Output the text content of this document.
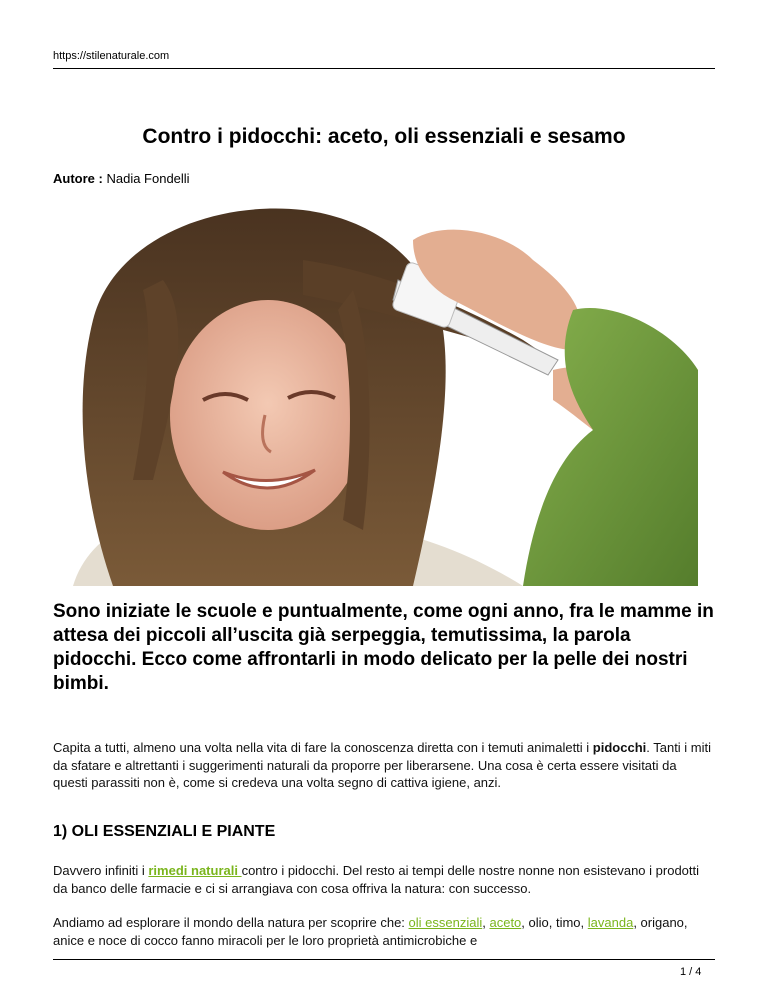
https://stilenaturale.com
Contro i pidocchi: aceto, oli essenziali e sesamo
Autore : Nadia Fondelli

Sono iniziate le scuole e puntualmente, come ogni anno, fra le mamme in attesa dei piccoli all’uscita già serpeggia, temutissima, la parola pidocchi. Ecco come affrontarli in modo delicato per la pelle dei nostri bimbi.

Capita a tutti, almeno una volta nella vita di fare la conoscenza diretta con i temuti animaletti i pidocchi. Tanti i miti da sfatare e altrettanti i suggerimenti naturali da proporre per liberarsene. Una cosa è certa essere visitati da questi parassiti non è, come si credeva una volta segno di cattiva igiene, anzi.

1) OLI ESSENZIALI E PIANTE

Davvero infiniti i rimedi naturali contro i pidocchi. Del resto ai tempi delle nostre nonne non esistevano i prodotti da banco delle farmacie e ci si arrangiava con cosa offriva la natura: con successo.

Andiamo ad esplorare il mondo della natura per scoprire che: oli essenziali, aceto, olio, timo, lavanda, origano, anice e noce di cocco fanno miracoli per le loro proprietà antimicrobiche e

1 / 4
